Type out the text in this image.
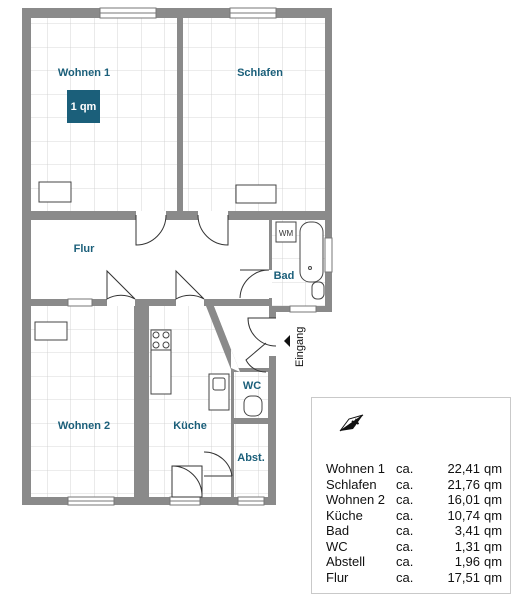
1 qm
WM
Wohnen 1	Schlafen
Flur
Bad
Wohnen 2	Küche
WC
Abst.
Eingang
N
Wohnen 1	ca.	22,41	qm
Schlafen	ca.	21,76	qm
Wohnen 2	ca.	16,01	qm
Küche	ca.	10,74	qm
Bad	ca.	3,41	qm
WC	ca.	1,31	qm
Abstell	ca.	1,96	qm
Flur	ca.	17,51	qm
